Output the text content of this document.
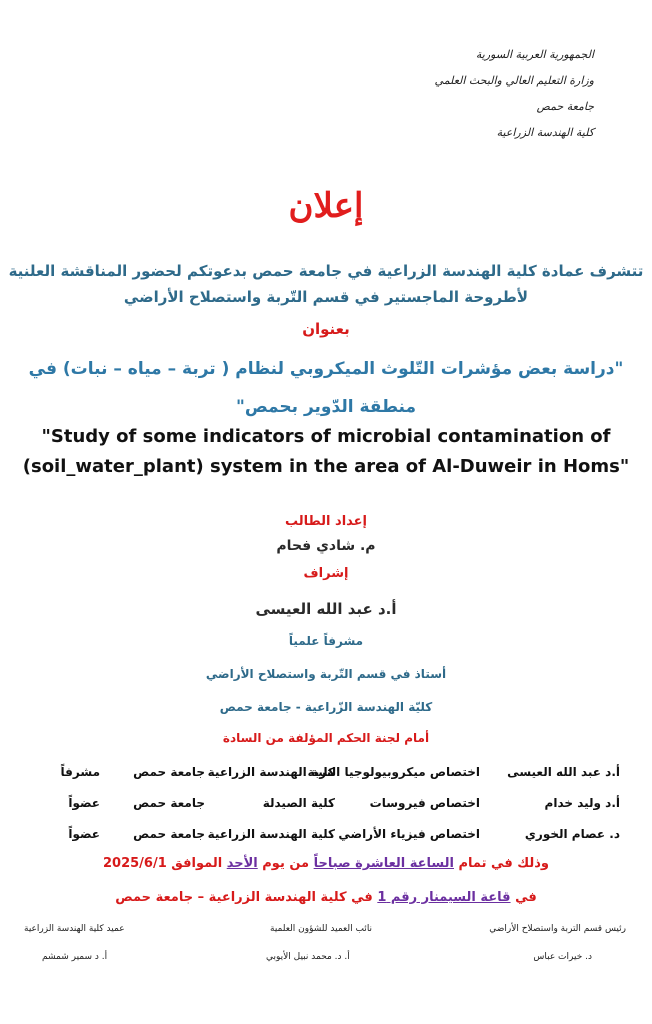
الجمهورية العربية السورية
وزارة التعليم العالي والبحث العلمي
جامعة حمص
كلية الهندسة الزراعية
إعلان
تتشرف عمادة كلية الهندسة الزراعية في جامعة حمص بدعوتكم لحضور المناقشة العلنية
لأطروحة الماجستير في قسم التّربة واستصلاح الأراضي
بعنوان
"دراسة بعض مؤشرات التّلوث الميكروبي لنظام ( تربة – مياه – نبات) في
منطقة الدّوير بحمص"
"Study of some indicators of microbial contamination of
(soil_water_plant) system in the area of Al-Duweir in Homs"
إعداد الطالب
م. شادي فحام
إشراف
أ.د عبد الله العيسى
مشرفاً علمياً
أستاذ في قسم التّربة واستصلاح الأراضي
كليّة الهندسة الزّراعية - جامعة حمص
أمام لجنة الحكم المؤلفة من السادة
أ.د عبد الله العيسى
اختصاص ميكروبيولوجيا التربة
كلية الهندسة الزراعية
جامعة حمص
مشرفاً
أ.د وليد خدام
اختصاص فيروسات
كلية الصيدلة
جامعة حمص
عضواً
د. عصام الخوري
اختصاص فيزياء الأراضي
كلية الهندسة الزراعية
جامعة حمص
عضواً
وذلك في تمام الساعة العاشرة صباحاً من يوم الأحد الموافق 2025/6/1
في قاعة السيمنار رقم 1 في كلية الهندسة الزراعية – جامعة حمص
رئيس قسم التربة واستصلاح الأراضي
نائب العميد للشؤون العلمية
عميد كلية الهندسة الزراعية
د. خيرات عباس
أ. د. محمد نبيل الأيوبي
أ. د سمير شمشم
